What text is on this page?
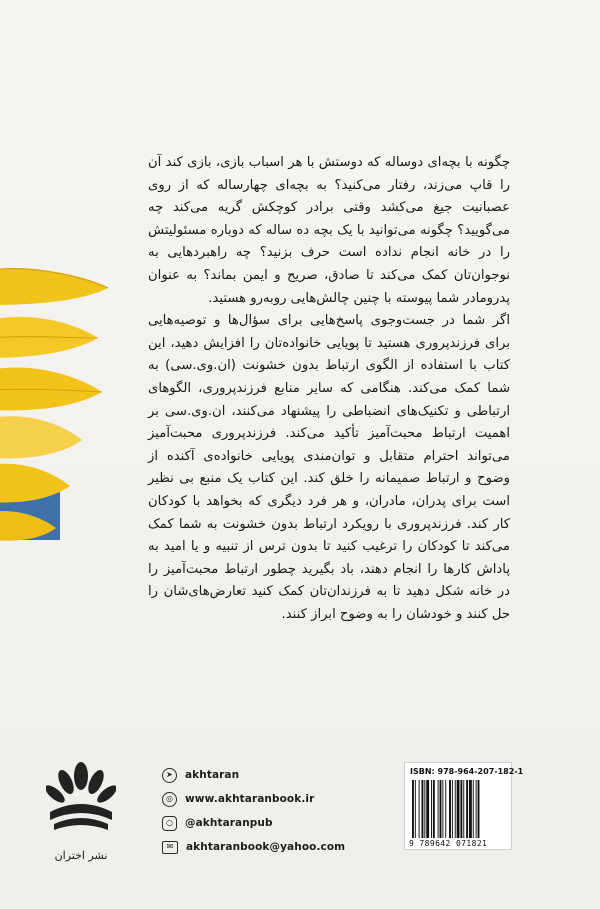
چگونه با بچه‌ای دوساله که دوستش با هر اسباب بازی، بازی کند آن را قاپ می‌زند، رفتار می‌کنید؟ به بچه‌ای چهارساله که از روی عصبانیت جیغ می‌کشد وقتی برادر کوچکش گریه می‌کند چه می‌گویید؟ چگونه می‌توانید با یک بچه ده ساله که دوباره مسئولیتش را در خانه انجام نداده است حرف بزنید؟ چه راهبردهایی به نوجوان‌تان کمک می‌کند تا صادق، صریح و ایمن بماند؟ به عنوان پدرومادر شما پیوسته با چنین چالش‌هایی روبه‌رو هستید.

اگر شما در جست‌وجوی پاسخ‌هایی برای سؤال‌ها و توصیه‌هایی برای فرزندپروری هستید تا پویایی خانواده‌تان را افزایش دهید، این کتاب با استفاده از الگوی ارتباط بدون خشونت (ان.وی.سی) به شما کمک می‌کند. هنگامی که سایر منابع فرزندپروری، الگوهای ارتباطی و تکنیک‌های انضباطی را پیشنهاد می‌کنند، ان.وی.سی بر اهمیت ارتباط محبت‌آمیز تأکید می‌کند. فرزندپروری محبت‌آمیز می‌تواند احترام متقابل و توان‌مندی پویایی خانواده‌ی آکنده از وضوح و ارتباط صمیمانه را خلق کند. این کتاب یک منبع بی نظیر است برای پدران، مادران، و هر فرد دیگری که بخواهد با کودکان کار کند. فرزندپروری با رویکرد ارتباط بدون خشونت به شما کمک می‌کند تا کودکان را ترغیب کنید تا بدون ترس از تنبیه و یا امید به پاداش کارها را انجام دهند، باد بگیرید چطور ارتباط محبت‌آمیز را در خانه شکل دهید تا به فرزندان‌تان کمک کنید تعارض‌های‌شان را حل کنند و خودشان را به وضوح ابراز کنند.

نشر اختران
➤	akhtaran
◎	www.akhtaranbook.ir
○	@akhtaranpub
✉	akhtaranbook@yahoo.com
ISBN: 978-964-207-182-1
9 789642 071821
